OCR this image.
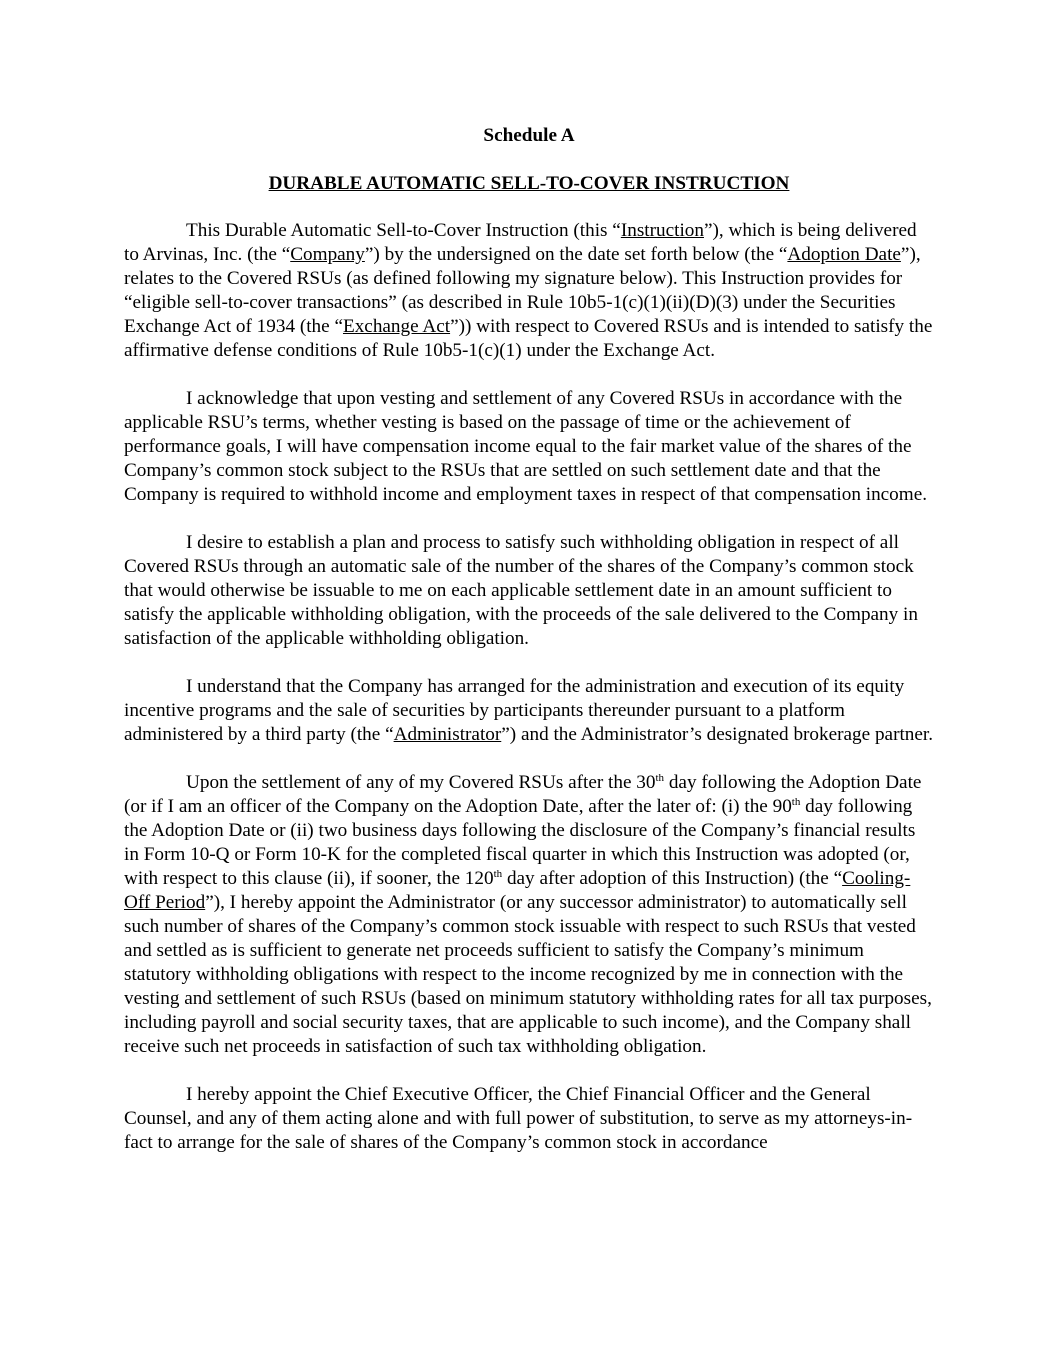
Schedule A

DURABLE AUTOMATIC SELL-TO-COVER INSTRUCTION

This Durable Automatic Sell-to-Cover Instruction (this “Instruction”), which is being delivered to Arvinas, Inc. (the “Company”) by the undersigned on the date set forth below (the “Adoption Date”), relates to the Covered RSUs (as defined following my signature below). This Instruction provides for “eligible sell-to-cover transactions” (as described in Rule 10b5-1(c)(1)(ii)(D)(3) under the Securities Exchange Act of 1934 (the “Exchange Act”)) with respect to Covered RSUs and is intended to satisfy the affirmative defense conditions of Rule 10b5-1(c)(1) under the Exchange Act.

I acknowledge that upon vesting and settlement of any Covered RSUs in accordance with the applicable RSU’s terms, whether vesting is based on the passage of time or the achievement of performance goals, I will have compensation income equal to the fair market value of the shares of the Company’s common stock subject to the RSUs that are settled on such settlement date and that the Company is required to withhold income and employment taxes in respect of that compensation income.

I desire to establish a plan and process to satisfy such withholding obligation in respect of all Covered RSUs through an automatic sale of the number of the shares of the Company’s common stock that would otherwise be issuable to me on each applicable settlement date in an amount sufficient to satisfy the applicable withholding obligation, with the proceeds of the sale delivered to the Company in satisfaction of the applicable withholding obligation.

I understand that the Company has arranged for the administration and execution of its equity incentive programs and the sale of securities by participants thereunder pursuant to a platform administered by a third party (the “Administrator”) and the Administrator’s designated brokerage partner.

Upon the settlement of any of my Covered RSUs after the 30th day following the Adoption Date (or if I am an officer of the Company on the Adoption Date, after the later of: (i) the 90th day following the Adoption Date or (ii) two business days following the disclosure of the Company’s financial results in Form 10-Q or Form 10-K for the completed fiscal quarter in which this Instruction was adopted (or, with respect to this clause (ii), if sooner, the 120th day after adoption of this Instruction) (the “Cooling-Off Period”), I hereby appoint the Administrator (or any successor administrator) to automatically sell such number of shares of the Company’s common stock issuable with respect to such RSUs that vested and settled as is sufficient to generate net proceeds sufficient to satisfy the Company’s minimum statutory withholding obligations with respect to the income recognized by me in connection with the vesting and settlement of such RSUs (based on minimum statutory withholding rates for all tax purposes, including payroll and social security taxes, that are applicable to such income), and the Company shall receive such net proceeds in satisfaction of such tax withholding obligation.

I hereby appoint the Chief Executive Officer, the Chief Financial Officer and the General Counsel, and any of them acting alone and with full power of substitution, to serve as my attorneys-in-fact to arrange for the sale of shares of the Company’s common stock in accordance
